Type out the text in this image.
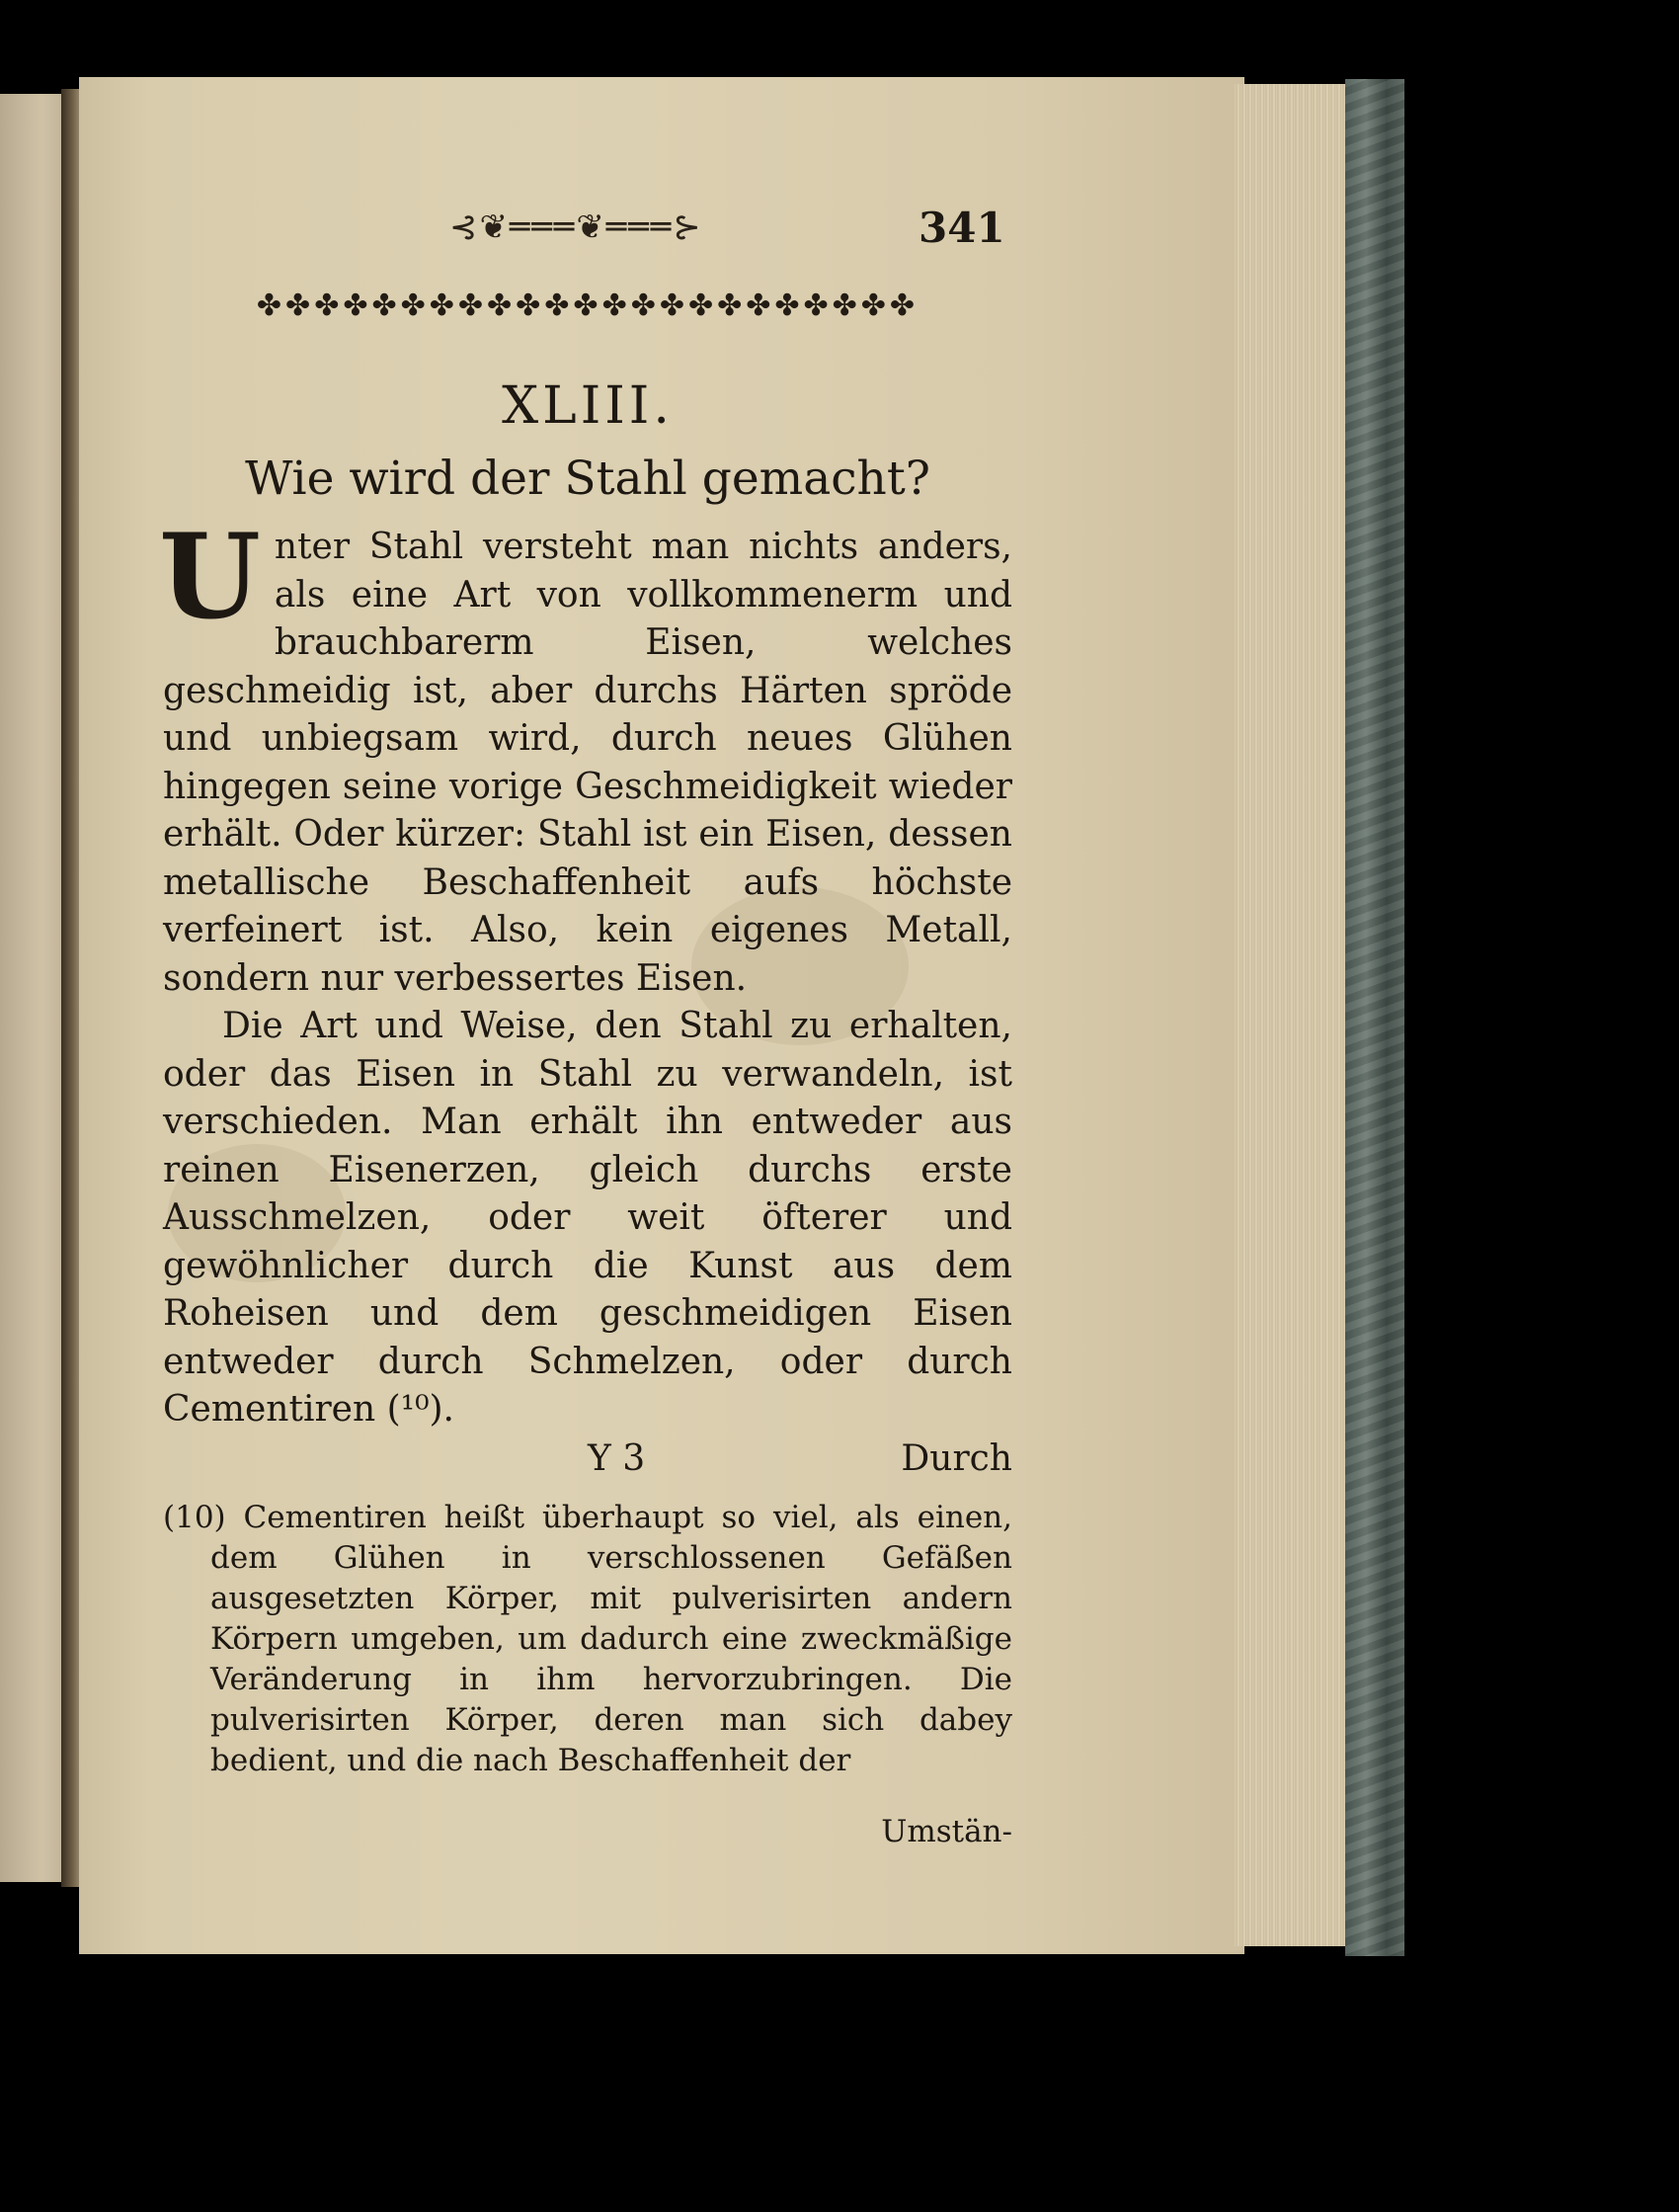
⊰❦═══❦═══⊱	341
✤✤✤✤✤✤✤✤✤✤✤✤✤✤✤✤✤✤✤✤✤✤✤
XLIII.
Wie wird der Stahl gemacht?

Unter Stahl versteht man nichts anders, als eine Art von vollkommenerm und brauchbarerm Eisen, welches geschmeidig ist, aber durchs Härten spröde und unbiegsam wird, durch neues Glühen hingegen seine vorige Geschmeidigkeit wieder erhält. Oder kürzer: Stahl ist ein Eisen, dessen metallische Beschaffenheit aufs höchste verfeinert ist. Also, kein eigenes Metall, sondern nur verbessertes Eisen.

Die Art und Weise, den Stahl zu erhalten, oder das Eisen in Stahl zu verwandeln, ist verschieden. Man erhält ihn entweder aus reinen Eisenerzen, gleich durchs erste Ausschmelzen, oder weit öfterer und gewöhnlicher durch die Kunst aus dem Roheisen und dem geschmeidigen Eisen entweder durch Schmelzen, oder durch Cementiren (¹⁰).

Y 3	Durch

(10) Cementiren heißt überhaupt so viel, als einen, dem Glühen in verschlossenen Gefäßen ausgesetzten Körper, mit pulverisirten andern Körpern umgeben, um dadurch eine zweckmäßige Veränderung in ihm hervorzubringen. Die pulverisirten Körper, deren man sich dabey bedient, und die nach Beschaffenheit der

Umstän-
